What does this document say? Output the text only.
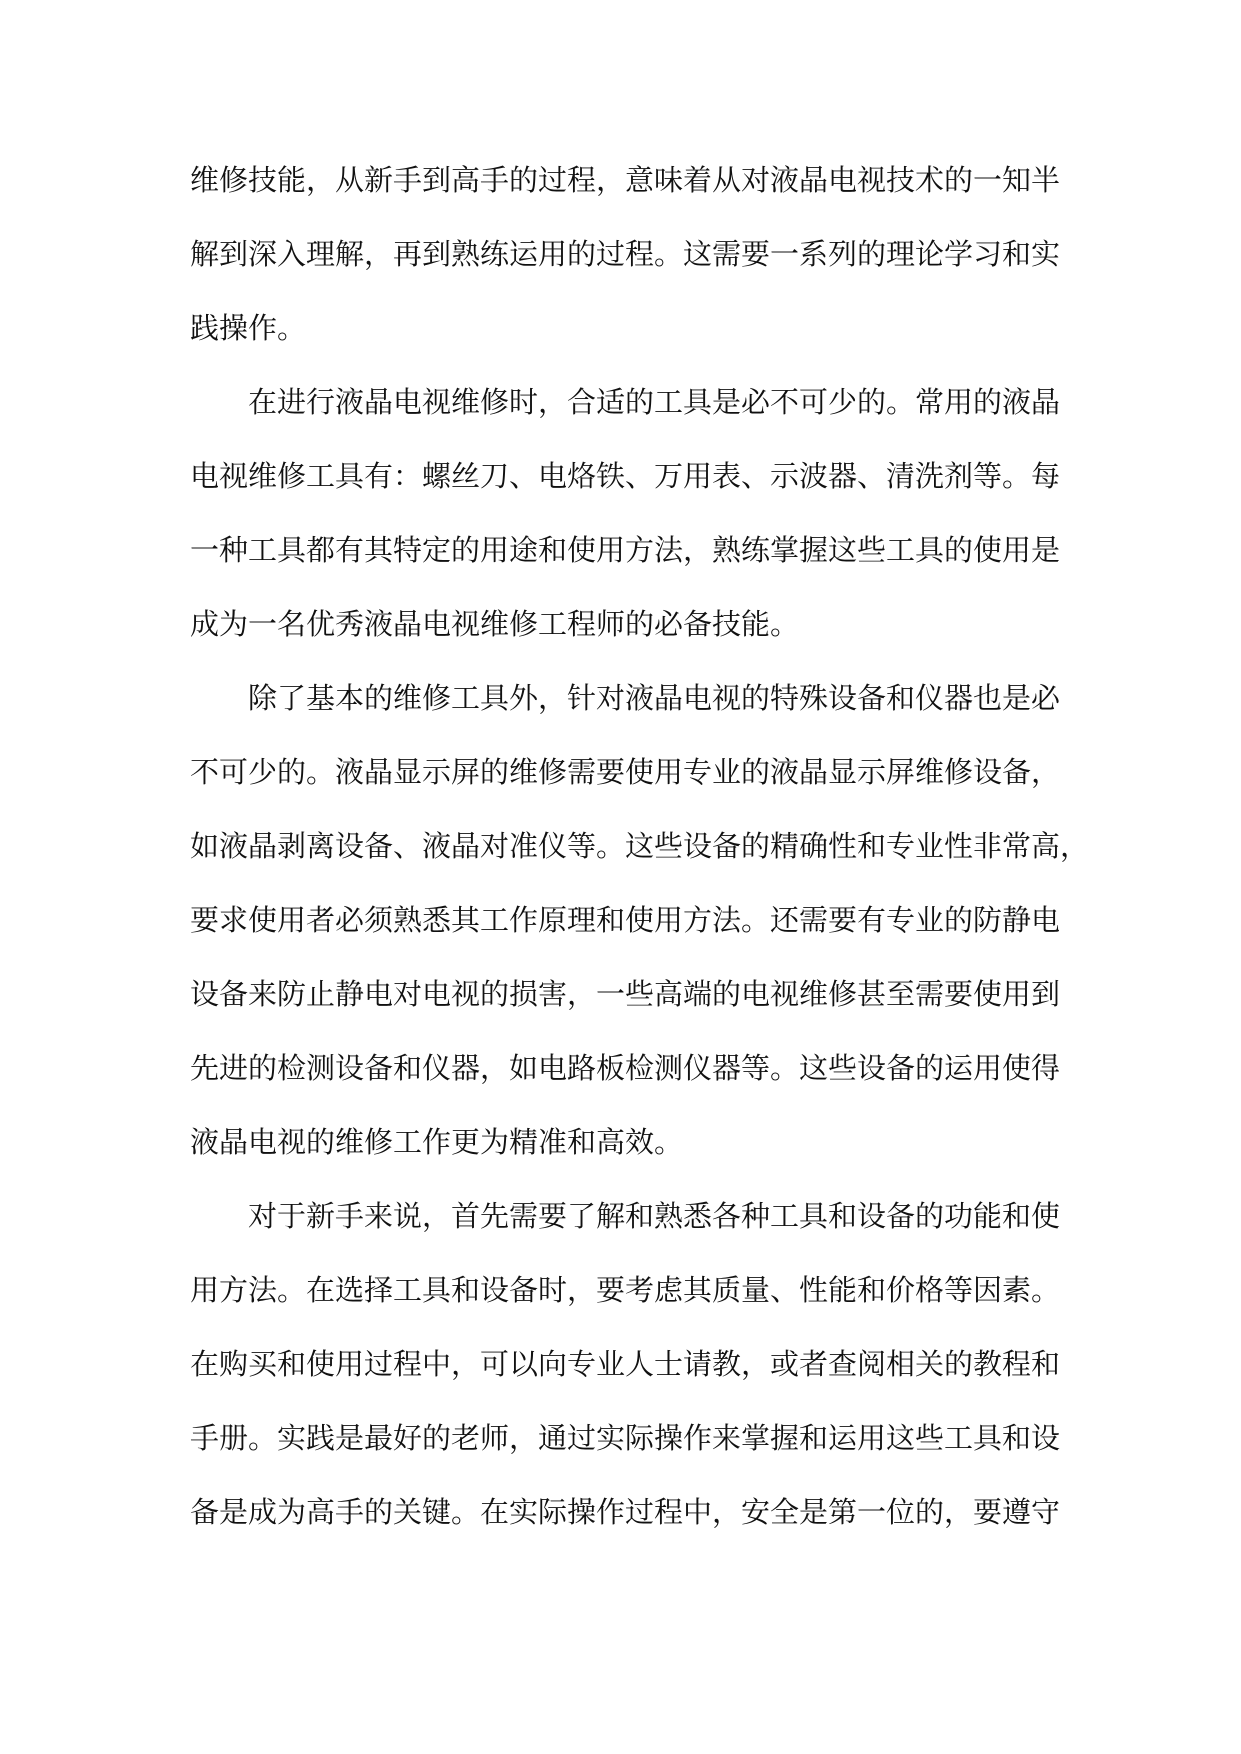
维修技能，从新手到高手的过程，意味着从对液晶电视技术的一知半
解到深入理解，再到熟练运用的过程。这需要一系列的理论学习和实
践操作。
在进行液晶电视维修时，合适的工具是必不可少的。常用的液晶
电视维修工具有：螺丝刀、电烙铁、万用表、示波器、清洗剂等。每
一种工具都有其特定的用途和使用方法，熟练掌握这些工具的使用是
成为一名优秀液晶电视维修工程师的必备技能。
除了基本的维修工具外，针对液晶电视的特殊设备和仪器也是必
不可少的。液晶显示屏的维修需要使用专业的液晶显示屏维修设备，
如液晶剥离设备、液晶对准仪等。这些设备的精确性和专业性非常高，
要求使用者必须熟悉其工作原理和使用方法。还需要有专业的防静电
设备来防止静电对电视的损害，一些高端的电视维修甚至需要使用到
先进的检测设备和仪器，如电路板检测仪器等。这些设备的运用使得
液晶电视的维修工作更为精准和高效。
对于新手来说，首先需要了解和熟悉各种工具和设备的功能和使
用方法。在选择工具和设备时，要考虑其质量、性能和价格等因素。
在购买和使用过程中，可以向专业人士请教，或者查阅相关的教程和
手册。实践是最好的老师，通过实际操作来掌握和运用这些工具和设
备是成为高手的关键。在实际操作过程中，安全是第一位的，要遵守
